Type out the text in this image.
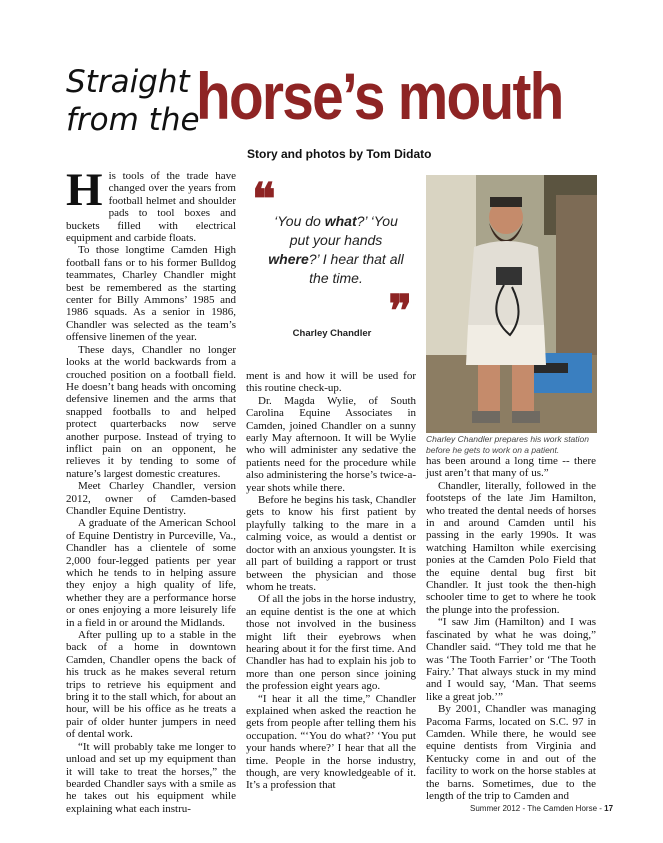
Straight
from the
horse’s mouth
Story and photos by Tom Didato
H is tools of the trade have changed over the years from football helmet and shoulder pads to tool boxes and buckets filled with electrical equipment and carbide floats.

To those longtime Camden High football fans or to his former Bulldog teammates, Charley Chandler might best be remembered as the starting center for Billy Ammons’ 1985 and 1986 squads. As a senior in 1986, Chandler was selected as the team’s offensive linemen of the year.

These days, Chandler no longer looks at the world backwards from a crouched position on a football field. He doesn’t bang heads with oncoming defensive linemen and the arms that snapped footballs to and helped protect quarterbacks now serve another purpose. Instead of trying to inflict pain on an opponent, he relieves it by tending to some of nature’s largest domestic creatures.

Meet Charley Chandler, version 2012, owner of Camden-based Chandler Equine Dentistry.

A graduate of the American School of Equine Dentistry in Purceville, Va., Chandler has a clientele of some 2,000 four-legged patients per year which he tends to in helping assure they enjoy a high quality of life, whether they are a performance horse or ones enjoying a more leisurely life in a field in or around the Midlands.

After pulling up to a stable in the back of a home in downtown Camden, Chandler opens the back of his truck as he makes several return trips to retrieve his equipment and bring it to the stall which, for about an hour, will be his office as he treats a pair of older hunter jumpers in need of dental work.

“It will probably take me longer to unload and set up my equipment than it will take to treat the horses,” the bearded Chandler says with a smile as he takes out his equipment while explaining what each instru-

❝
‘You do what?’ ‘You put your hands where?’ I hear that all the time.
❞
Charley Chandler

ment is and how it will be used for this routine check-up.

Dr. Magda Wylie, of South Carolina Equine Associates in Camden, joined Chandler on a sunny early May afternoon. It will be Wylie who will administer any sedative the patients need for the procedure while also administering the horse’s twice-a-year shots while there.

Before he begins his task, Chandler gets to know his first patient by playfully talking to the mare in a calming voice, as would a dentist or doctor with an anxious youngster. It is all part of building a rapport or trust between the physician and those whom he treats.

Of all the jobs in the horse industry, an equine dentist is the one at which those not involved in the business might lift their eyebrows when hearing about it for the first time. And Chandler has had to explain his job to more than one person since joining the profession eight years ago.

“I hear it all the time,” Chandler explained when asked the reaction he gets from people after telling them his occupation. “‘You do what?’ ‘You put your hands where?’ I hear that all the time. People in the horse industry, though, are very knowledgeable of it. It’s a profession that

Charley Chandler prepares his work station before he gets to work on a patient.

has been around a long time -- there just aren’t that many of us.”

Chandler, literally, followed in the footsteps of the late Jim Hamilton, who treated the dental needs of horses in and around Camden until his passing in the early 1990s. It was watching Hamilton while exercising ponies at the Camden Polo Field that the equine dental bug first bit Chandler. It just took the then-high schooler time to get to where he took the plunge into the profession.

“I saw Jim (Hamilton) and I was fascinated by what he was doing,” Chandler said. “They told me that he was ‘The Tooth Farrier’ or ‘The Tooth Fairy.’ That always stuck in my mind and I would say, ‘Man. That seems like a great job.’”

By 2001, Chandler was managing Pacoma Farms, located on S.C. 97 in Camden. While there, he would see equine dentists from Virginia and Kentucky come in and out of the facility to work on the horse stables at the barns. Sometimes, due to the length of the trip to Camden and

Summer 2012 - The Camden Horse - 17
